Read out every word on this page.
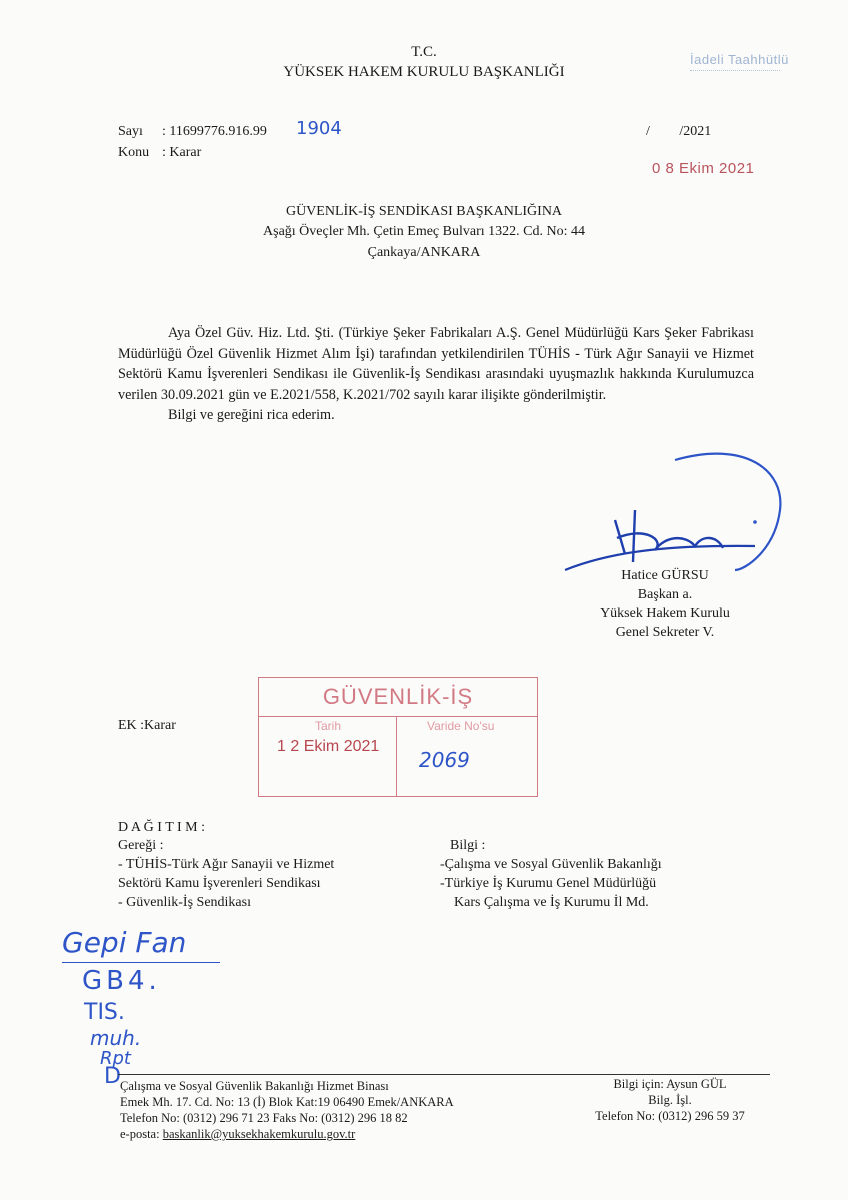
T.C.
YÜKSEK HAKEM KURULU BAŞKANLIĞI
İadeli Taahhütlü
Sayı : 11699776.916.99 1904
Konu : Karar
/ /2021
0 8 Ekim 2021
GÜVENLİK-İŞ SENDİKASI BAŞKANLIĞINA
Aşağı Öveçler Mh. Çetin Emeç Bulvarı 1322. Cd. No: 44
Çankaya/ANKARA

Aya Özel Güv. Hiz. Ltd. Şti. (Türkiye Şeker Fabrikaları A.Ş. Genel Müdürlüğü Kars Şeker Fabrikası Müdürlüğü Özel Güvenlik Hizmet Alım İşi) tarafından yetkilendirilen TÜHİS - Türk Ağır Sanayii ve Hizmet Sektörü Kamu İşverenleri Sendikası ile Güvenlik-İş Sendikası arasındaki uyuşmazlık hakkında Kurulumuzca verilen 30.09.2021 gün ve E.2021/558, K.2021/702 sayılı karar ilişikte gönderilmiştir.

Bilgi ve gereğini rica ederim.

Hatice GÜRSU
Başkan a.
Yüksek Hakem Kurulu
Genel Sekreter V.
EK :Karar
GÜVENLİK-İŞ
Tarih	Varide No'su
1 2 Ekim 2021
2069
D A Ğ I T I M :
Gereği :
- TÜHİS-Türk Ağır Sanayii ve Hizmet
Sektörü Kamu İşverenleri Sendikası
- Güvenlik-İş Sendikası
Bilgi :
-Çalışma ve Sosyal Güvenlik Bakanlığı
-Türkiye İş Kurumu Genel Müdürlüğü
Kars Çalışma ve İş Kurumu İl Md.
Gepi Fan
GB4.
TIS.
muh.
Rpt
D Çalışma ve Sosyal Güvenlik Bakanlığı Hizmet Binası
Emek Mh. 17. Cd. No: 13 (İ) Blok Kat:19 06490 Emek/ANKARA
Telefon No: (0312) 296 71 23 Faks No: (0312) 296 18 82
e-posta: baskanlik@yuksekhakemkurulu.gov.tr
Bilgi için: Aysun GÜL
Bilg. İşl.
Telefon No: (0312) 296 59 37
